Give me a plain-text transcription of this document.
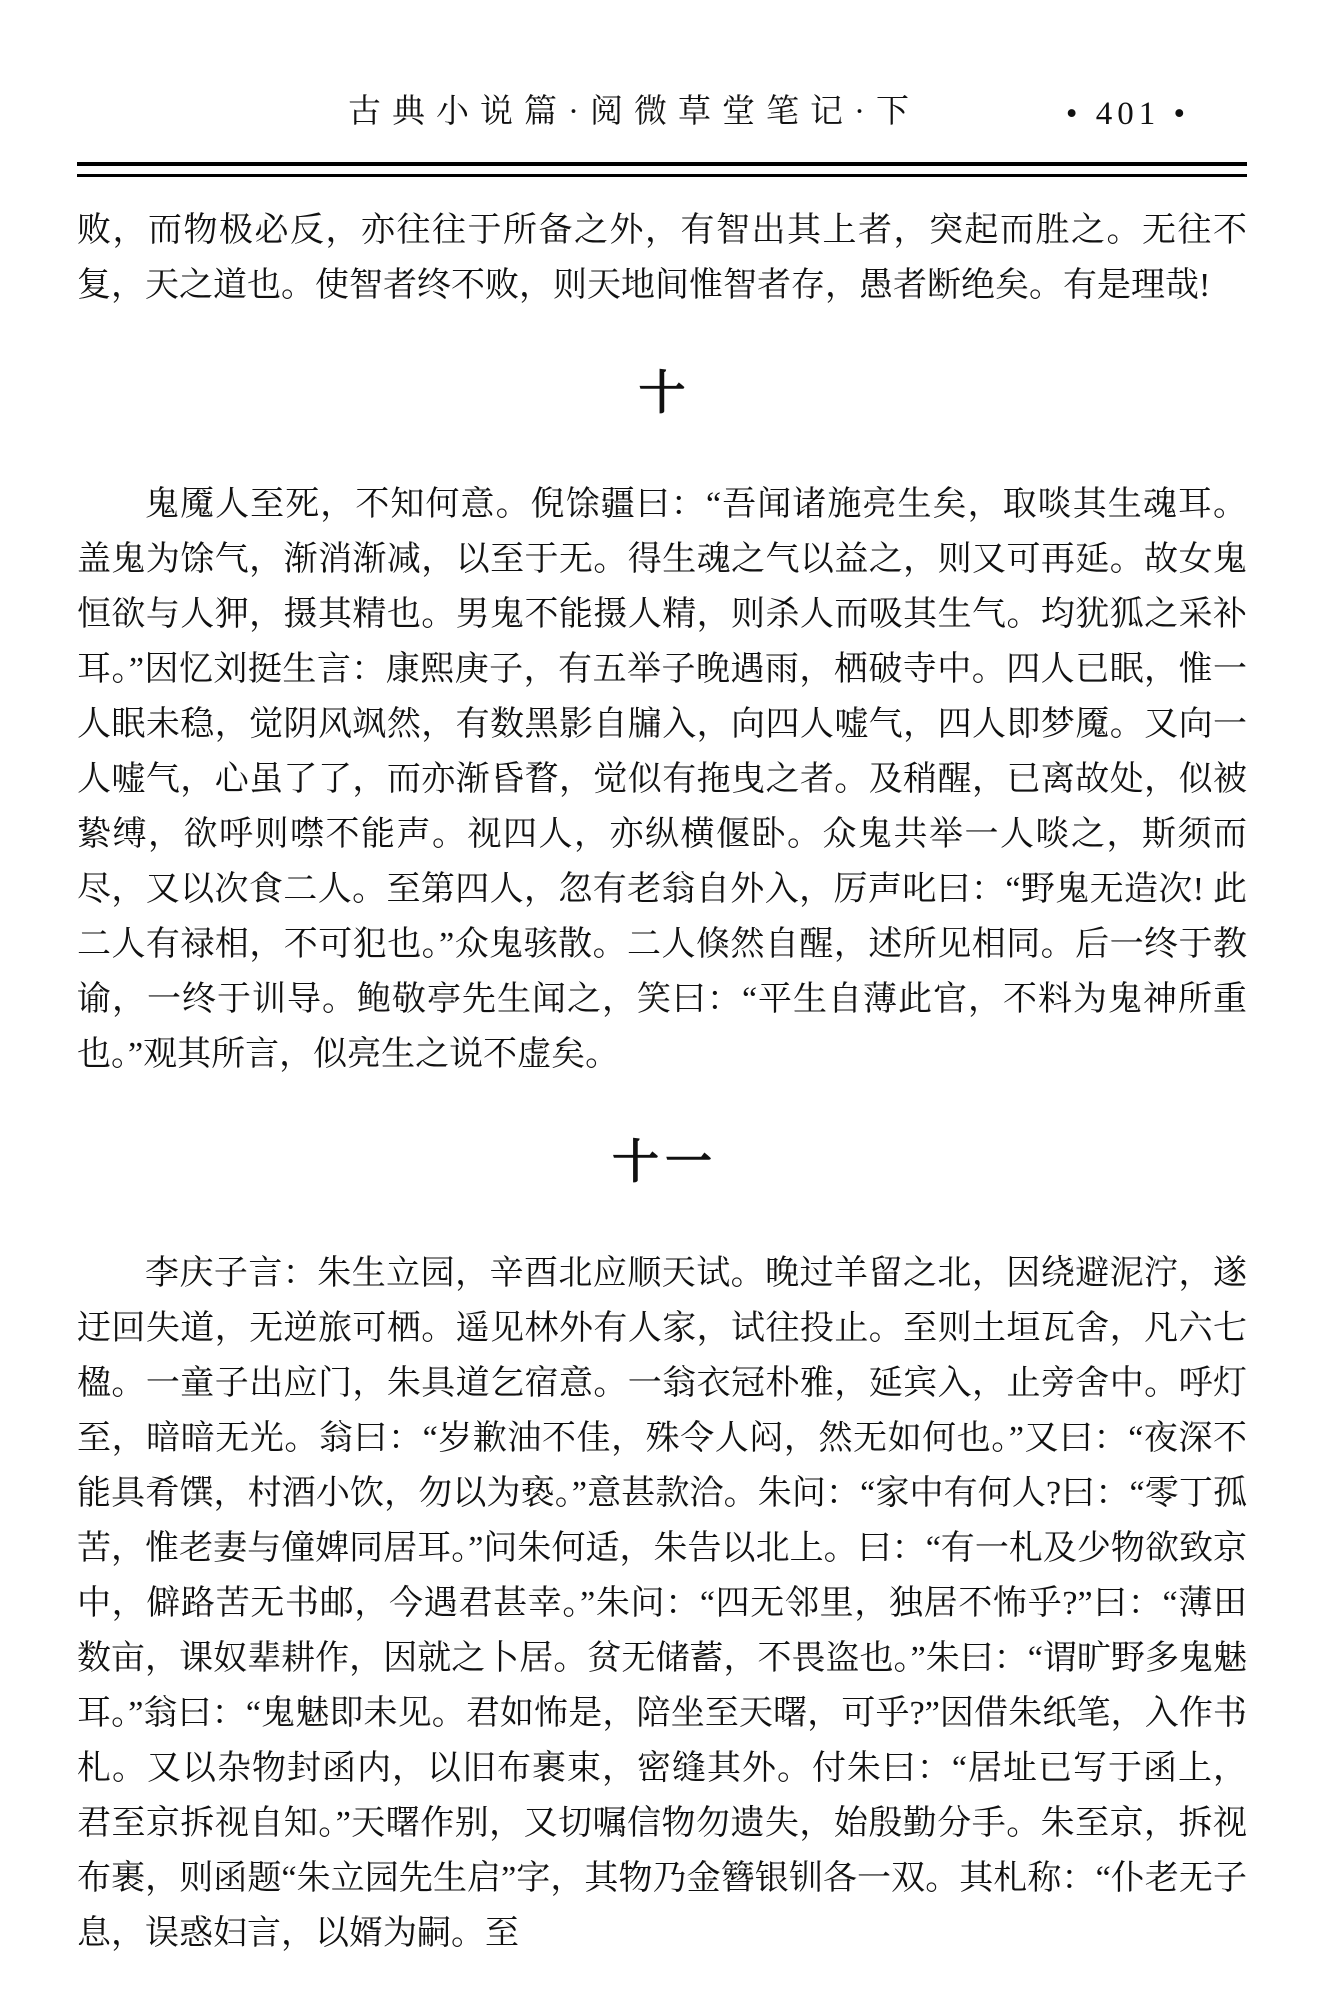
古典小说篇·阅微草堂笔记·下	• 401 •

败，而物极必反，亦往往于所备之外，有智出其上者，突起而胜之。无往不复，天之道也。使智者终不败，则天地间惟智者存，愚者断绝矣。有是理哉!

十

鬼魇人至死，不知何意。倪馀疆曰：“吾闻诸施亮生矣，取啖其生魂耳。盖鬼为馀气，渐消渐减，以至于无。得生魂之气以益之，则又可再延。故女鬼恒欲与人狎，摄其精也。男鬼不能摄人精，则杀人而吸其生气。均犹狐之采补耳。”因忆刘挺生言：康熙庚子，有五举子晚遇雨，栖破寺中。四人已眠，惟一人眠未稳，觉阴风飒然，有数黑影自牖入，向四人嘘气，四人即梦魇。又向一人嘘气，心虽了了，而亦渐昏瞀，觉似有拖曳之者。及稍醒，已离故处，似被絷缚，欲呼则噤不能声。视四人，亦纵横偃卧。众鬼共举一人啖之，斯须而尽，又以次食二人。至第四人，忽有老翁自外入，厉声叱曰：“野鬼无造次! 此二人有禄相，不可犯也。”众鬼骇散。二人倏然自醒，述所见相同。后一终于教谕，一终于训导。鲍敬亭先生闻之，笑曰：“平生自薄此官，不料为鬼神所重也。”观其所言，似亮生之说不虚矣。

十一

李庆子言：朱生立园，辛酉北应顺天试。晚过羊留之北，因绕避泥泞，遂迂回失道，无逆旅可栖。遥见林外有人家，试往投止。至则土垣瓦舍，凡六七楹。一童子出应门，朱具道乞宿意。一翁衣冠朴雅，延宾入，止旁舍中。呼灯至，暗暗无光。翁曰：“岁歉油不佳，殊令人闷，然无如何也。”又曰：“夜深不能具肴馔，村酒小饮，勿以为亵。”意甚款洽。朱问：“家中有何人?曰：“零丁孤苦，惟老妻与僮婢同居耳。”问朱何适，朱告以北上。曰：“有一札及少物欲致京中，僻路苦无书邮，今遇君甚幸。”朱问：“四无邻里，独居不怖乎?”曰：“薄田数亩，课奴辈耕作，因就之卜居。贫无储蓄，不畏盗也。”朱曰：“谓旷野多鬼魅耳。”翁曰：“鬼魅即未见。君如怖是，陪坐至天曙，可乎?”因借朱纸笔，入作书札。又以杂物封函内，以旧布裹束，密缝其外。付朱曰：“居址已写于函上，君至京拆视自知。”天曙作别，又切嘱信物勿遗失，始殷勤分手。朱至京，拆视布裹，则函题“朱立园先生启”字，其物乃金簪银钏各一双。其札称：“仆老无子息，误惑妇言，以婿为嗣。至
